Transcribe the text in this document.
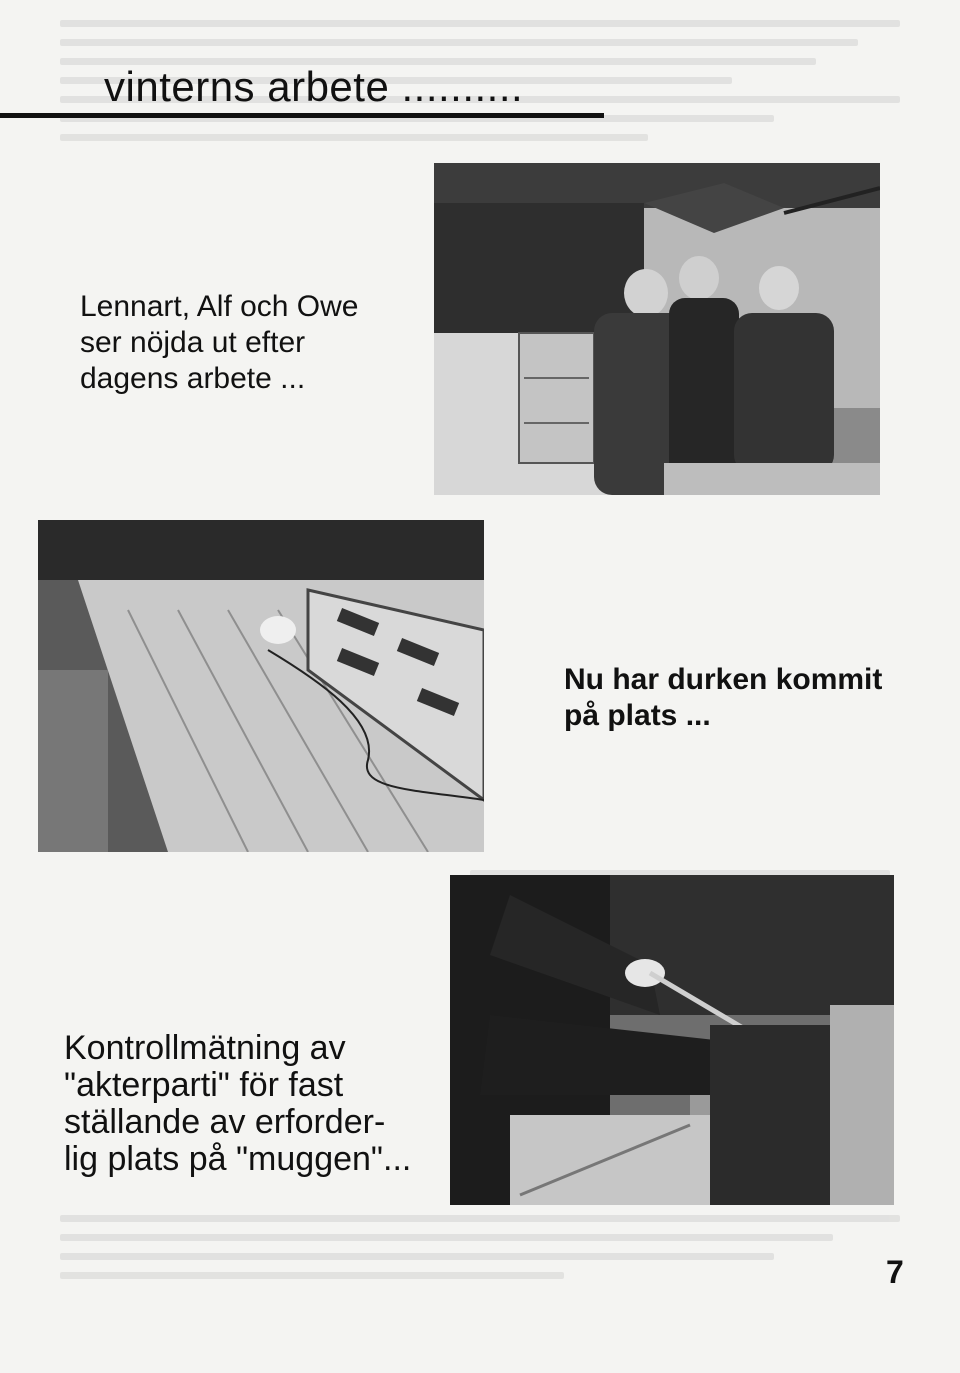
vinterns arbete ..........
Lennart, Alf och Owe
ser nöjda ut efter
dagens arbete ...
Nu har durken kommit
på plats ...
Kontrollmätning av
"akterparti" för fast
ställande av erforder-
lig plats på "muggen"...
7
